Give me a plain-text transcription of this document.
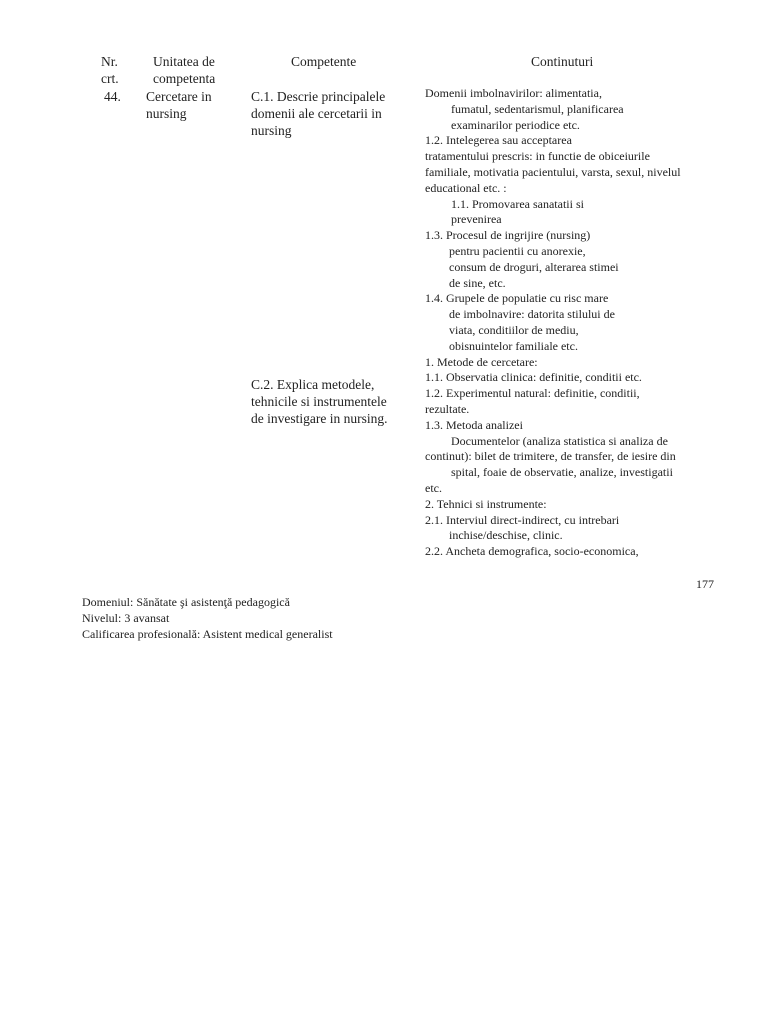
Nr.
crt.
Unitatea de
competenta
Competente	Continuturi
44. Cercetare in
nursing
C.1. Descrie principalele domenii ale cercetarii in nursing
C.2. Explica metodele, tehnicile si instrumentele de investigare in nursing.
Domenii imbolnavirilor: alimentatia,
fumatul, sedentarismul, planificarea
examinarilor periodice etc.
1.2. Intelegerea sau acceptarea
tratamentului prescris: in functie de obiceiurile
familiale, motivatia pacientului, varsta, sexul, nivelul
educational etc. :
1.1. Promovarea sanatatii si
prevenirea
1.3. Procesul de ingrijire (nursing)
pentru pacientii cu anorexie,
consum de droguri, alterarea stimei
de sine, etc.
1.4. Grupele de populatie cu risc mare
de imbolnavire: datorita stilului de
viata, conditiilor de mediu,
obisnuintelor familiale etc.
1. Metode de cercetare:
1.1. Observatia clinica: definitie, conditii etc.
1.2. Experimentul natural: definitie, conditii,
rezultate.
1.3. Metoda analizei
Documentelor (analiza statistica si analiza de
continut): bilet de trimitere, de transfer, de iesire din
spital, foaie de observatie, analize, investigatii
etc.
2. Tehnici si instrumente:
2.1. Interviul direct-indirect, cu intrebari
inchise/deschise, clinic.
2.2. Ancheta demografica, socio-economica,
177
Domeniul: Sănătate şi asistenţă pedagogică
Nivelul: 3 avansat
Calificarea profesională: Asistent medical generalist
